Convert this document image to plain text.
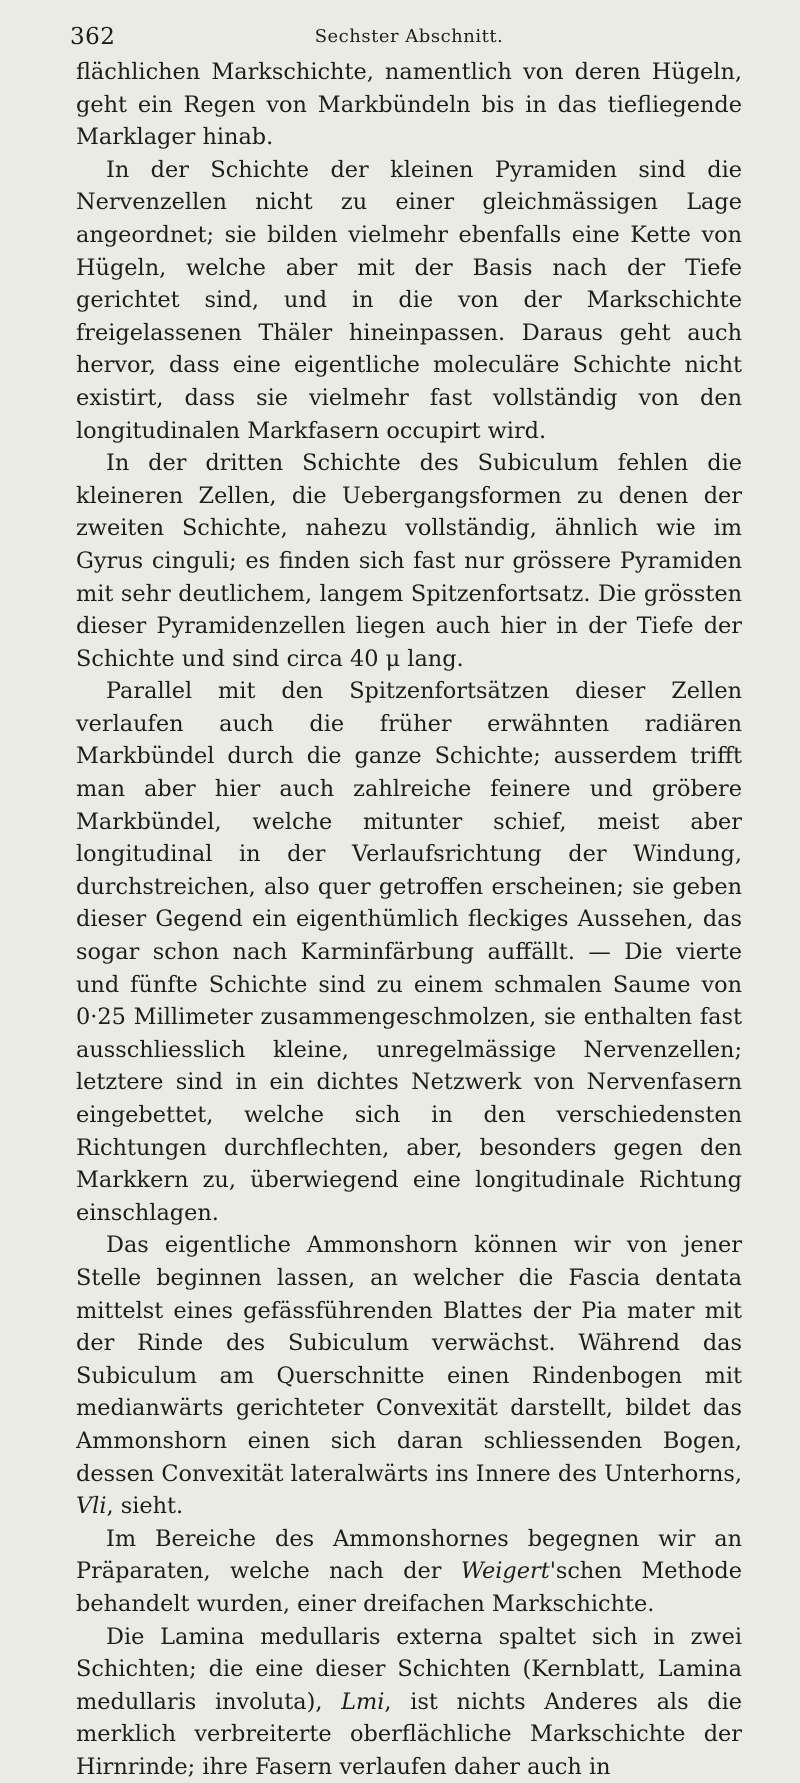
362	Sechster Abschnitt.

flächlichen Markschichte, namentlich von deren Hügeln, geht ein Regen von Markbündeln bis in das tiefliegende Marklager hinab.

In der Schichte der kleinen Pyramiden sind die Nervenzellen nicht zu einer gleichmässigen Lage angeordnet; sie bilden vielmehr ebenfalls eine Kette von Hügeln, welche aber mit der Basis nach der Tiefe gerichtet sind, und in die von der Markschichte freigelassenen Thäler hineinpassen. Daraus geht auch hervor, dass eine eigentliche moleculäre Schichte nicht existirt, dass sie vielmehr fast vollständig von den longitudinalen Markfasern occupirt wird.

In der dritten Schichte des Subiculum fehlen die kleineren Zellen, die Uebergangsformen zu denen der zweiten Schichte, nahezu vollständig, ähnlich wie im Gyrus cinguli; es finden sich fast nur grössere Pyramiden mit sehr deutlichem, langem Spitzenfortsatz. Die grössten dieser Pyramidenzellen liegen auch hier in der Tiefe der Schichte und sind circa 40 μ lang.

Parallel mit den Spitzenfortsätzen dieser Zellen verlaufen auch die früher erwähnten radiären Markbündel durch die ganze Schichte; ausserdem trifft man aber hier auch zahlreiche feinere und gröbere Markbündel, welche mitunter schief, meist aber longitudinal in der Verlaufsrichtung der Windung, durchstreichen, also quer getroffen erscheinen; sie geben dieser Gegend ein eigenthümlich fleckiges Aussehen, das sogar schon nach Karminfärbung auffällt. — Die vierte und fünfte Schichte sind zu einem schmalen Saume von 0·25 Millimeter zusammengeschmolzen, sie enthalten fast ausschliesslich kleine, unregelmässige Nervenzellen; letztere sind in ein dichtes Netzwerk von Nervenfasern eingebettet, welche sich in den verschiedensten Richtungen durchflechten, aber, besonders gegen den Markkern zu, überwiegend eine longitudinale Richtung einschlagen.

Das eigentliche Ammonshorn können wir von jener Stelle beginnen lassen, an welcher die Fascia dentata mittelst eines gefässführenden Blattes der Pia mater mit der Rinde des Subiculum verwächst. Während das Subiculum am Querschnitte einen Rindenbogen mit medianwärts gerichteter Convexität darstellt, bildet das Ammonshorn einen sich daran schliessenden Bogen, dessen Convexität lateralwärts ins Innere des Unterhorns, Vli, sieht.

Im Bereiche des Ammonshornes begegnen wir an Präparaten, welche nach der Weigert'schen Methode behandelt wurden, einer dreifachen Markschichte.

Die Lamina medullaris externa spaltet sich in zwei Schichten; die eine dieser Schichten (Kernblatt, Lamina medullaris involuta), Lmi, ist nichts Anderes als die merklich verbreiterte oberflächliche Markschichte der Hirnrinde; ihre Fasern verlaufen daher auch in
